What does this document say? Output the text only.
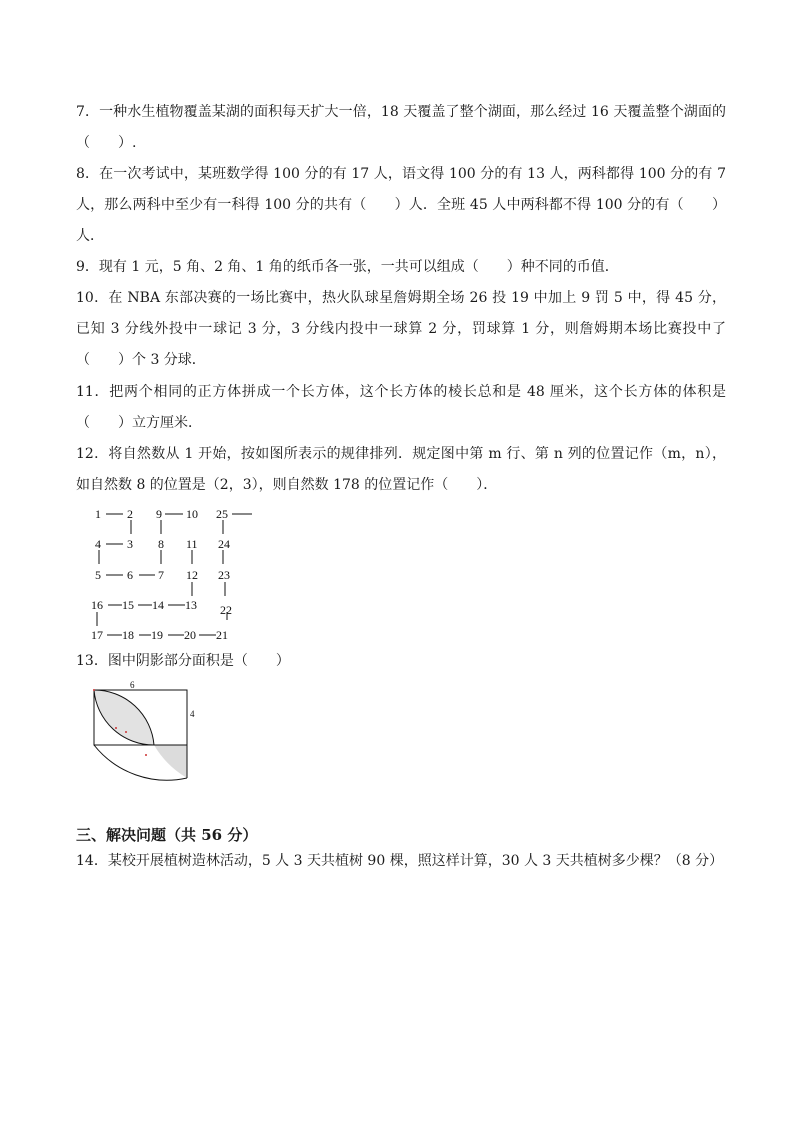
7．一种水生植物覆盖某湖的面积每天扩大一倍，18 天覆盖了整个湖面，那么经过 16 天覆盖整个湖面的（　　）.
8．在一次考试中，某班数学得 100 分的有 17 人，语文得 100 分的有 13 人，两科都得 100 分的有 7 人，那么两科中至少有一科得 100 分的共有（　　）人．全班 45 人中两科都不得 100 分的有（　　）人．
9．现有 1 元，5 角、2 角、1 角的纸币各一张，一共可以组成（　　）种不同的币值．
10．在 NBA 东部决赛的一场比赛中，热火队球星詹姆期全场 26 投 19 中加上 9 罚 5 中，得 45 分，已知 3 分线外投中一球记 3 分，3 分线内投中一球算 2 分，罚球算 1 分，则詹姆期本场比赛投中了（　　）个 3 分球．
11．把两个相同的正方体拼成一个长方体，这个长方体的棱长总和是 48 厘米，这个长方体的体积是（　　）立方厘米．
12．将自然数从 1 开始，按如图所表示的规律排列．规定图中第 m 行、第 n 列的位置记作（m，n），如自然数 8 的位置是（2，3），则自然数 178 的位置记作（　　）．
1 2 9 10 25
4 3 8 11 24
5 6 7 12 23
16 15 14 13 22
17 18 19 20 21
13．图中阴影部分面积是（　　）
6
4
三、解决问题（共 56 分）
14．某校开展植树造林活动，5 人 3 天共植树 90 棵，照这样计算，30 人 3 天共植树多少棵？（8 分）
